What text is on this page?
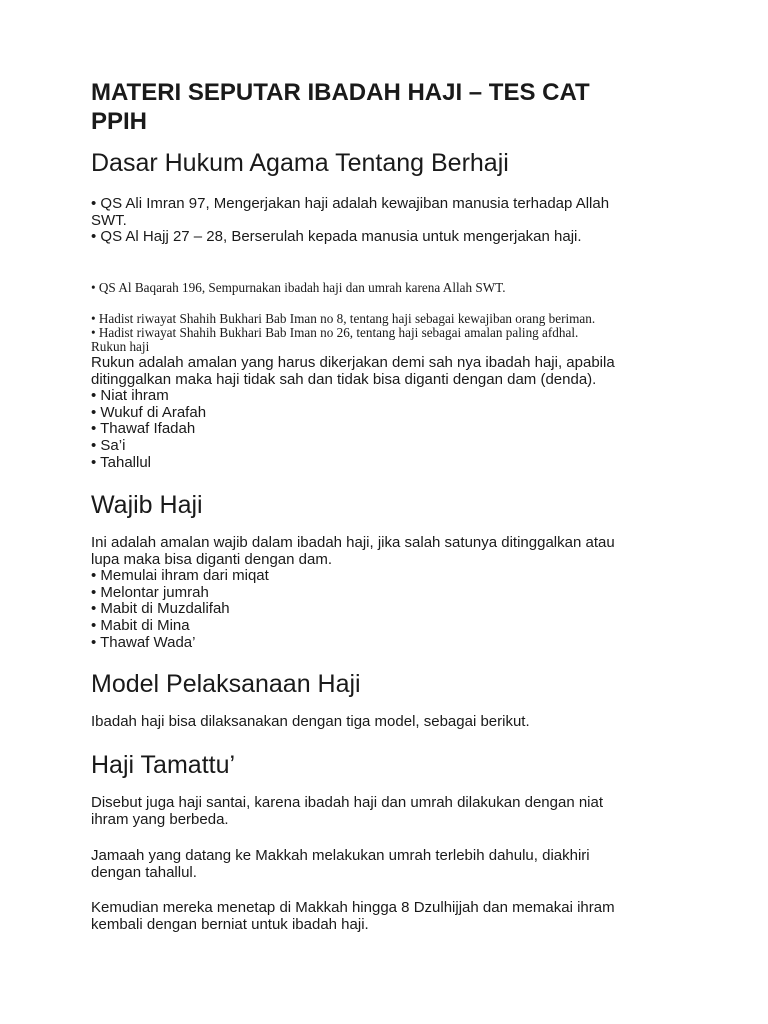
MATERI SEPUTAR IBADAH HAJI – TES CAT PPIH
Dasar Hukum Agama Tentang Berhaji
• QS Ali Imran 97, Mengerjakan haji adalah kewajiban manusia terhadap Allah
SWT.
• QS Al Hajj 27 – 28, Berserulah kepada manusia untuk mengerjakan haji.
• QS Al Baqarah 196, Sempurnakan ibadah haji dan umrah karena Allah SWT.
• Hadist riwayat Shahih Bukhari Bab Iman no 8, tentang haji sebagai kewajiban orang beriman.
• Hadist riwayat Shahih Bukhari Bab Iman no 26, tentang haji sebagai amalan paling afdhal.
Rukun haji
Rukun adalah amalan yang harus dikerjakan demi sah nya ibadah haji, apabila
ditinggalkan maka haji tidak sah dan tidak bisa diganti dengan dam (denda).
• Niat ihram
• Wukuf di Arafah
• Thawaf Ifadah
• Sa’i
• Tahallul
Wajib Haji
Ini adalah amalan wajib dalam ibadah haji, jika salah satunya ditinggalkan atau
lupa maka bisa diganti dengan dam.
• Memulai ihram dari miqat
• Melontar jumrah
• Mabit di Muzdalifah
• Mabit di Mina
• Thawaf Wada’
Model Pelaksanaan Haji
Ibadah haji bisa dilaksanakan dengan tiga model, sebagai berikut.
Haji Tamattu’
Disebut juga haji santai, karena ibadah haji dan umrah dilakukan dengan niat
ihram yang berbeda.
Jamaah yang datang ke Makkah melakukan umrah terlebih dahulu, diakhiri
dengan tahallul.
Kemudian mereka menetap di Makkah hingga 8 Dzulhijjah dan memakai ihram
kembali dengan berniat untuk ibadah haji.
